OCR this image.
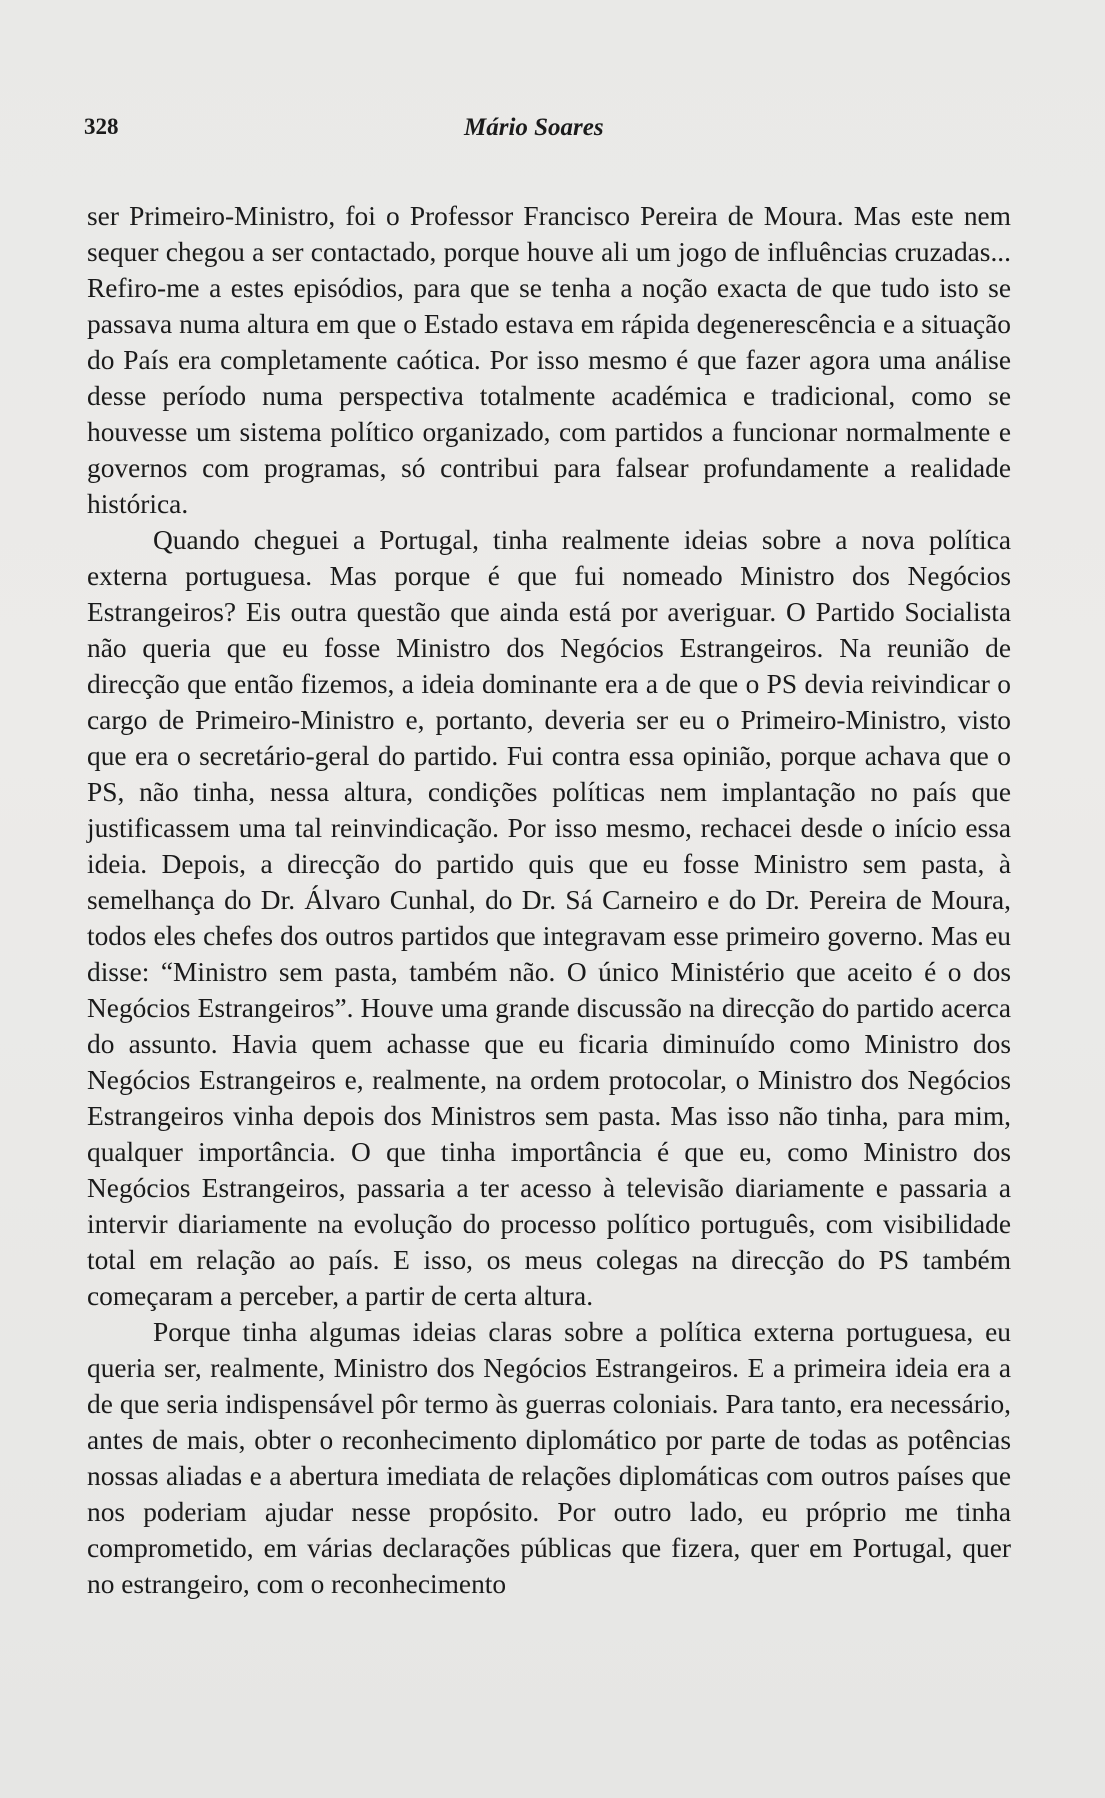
328	Mário Soares

ser Primeiro-Ministro, foi o Professor Francisco Pereira de Moura. Mas este nem sequer chegou a ser contactado, porque houve ali um jogo de influências cruzadas... Refiro-me a estes episódios, para que se tenha a noção exacta de que tudo isto se passava numa altura em que o Estado estava em rápida degenerescência e a situação do País era completamente caótica. Por isso mesmo é que fazer agora uma análise desse período numa perspectiva totalmente académica e tradicional, como se houvesse um sistema político organizado, com partidos a funcionar normalmente e governos com programas, só contribui para falsear profundamente a realidade histórica.

Quando cheguei a Portugal, tinha realmente ideias sobre a nova política externa portuguesa. Mas porque é que fui nomeado Ministro dos Negócios Estrangeiros? Eis outra questão que ainda está por averiguar. O Partido Socialista não queria que eu fosse Ministro dos Negócios Estrangeiros. Na reunião de direcção que então fizemos, a ideia dominante era a de que o PS devia reivindicar o cargo de Primeiro-Ministro e, portanto, deveria ser eu o Primeiro-Ministro, visto que era o secretário-geral do partido. Fui contra essa opinião, porque achava que o PS, não tinha, nessa altura, condições políticas nem implantação no país que justificassem uma tal reinvindicação. Por isso mesmo, rechacei desde o início essa ideia. Depois, a direcção do partido quis que eu fosse Ministro sem pasta, à semelhança do Dr. Álvaro Cunhal, do Dr. Sá Carneiro e do Dr. Pereira de Moura, todos eles chefes dos outros partidos que integravam esse primeiro governo. Mas eu disse: “Ministro sem pasta, também não. O único Ministério que aceito é o dos Negócios Estrangeiros”. Houve uma grande discussão na direcção do partido acerca do assunto. Havia quem achasse que eu ficaria diminuído como Ministro dos Negócios Estrangeiros e, realmente, na ordem protocolar, o Ministro dos Negócios Estrangeiros vinha depois dos Ministros sem pasta. Mas isso não tinha, para mim, qualquer importância. O que tinha importância é que eu, como Ministro dos Negócios Estrangeiros, passaria a ter acesso à televisão diariamente e passaria a intervir diariamente na evolução do processo político português, com visibilidade total em relação ao país. E isso, os meus colegas na direcção do PS também começaram a perceber, a partir de certa altura.

Porque tinha algumas ideias claras sobre a política externa portuguesa, eu queria ser, realmente, Ministro dos Negócios Estrangeiros. E a primeira ideia era a de que seria indispensável pôr termo às guerras coloniais. Para tanto, era necessário, antes de mais, obter o reconhecimento diplomático por parte de todas as potências nossas aliadas e a abertura imediata de relações diplomáticas com outros países que nos poderiam ajudar nesse propósito. Por outro lado, eu próprio me tinha comprometido, em várias declarações públicas que fizera, quer em Portugal, quer no estrangeiro, com o reconhecimento
